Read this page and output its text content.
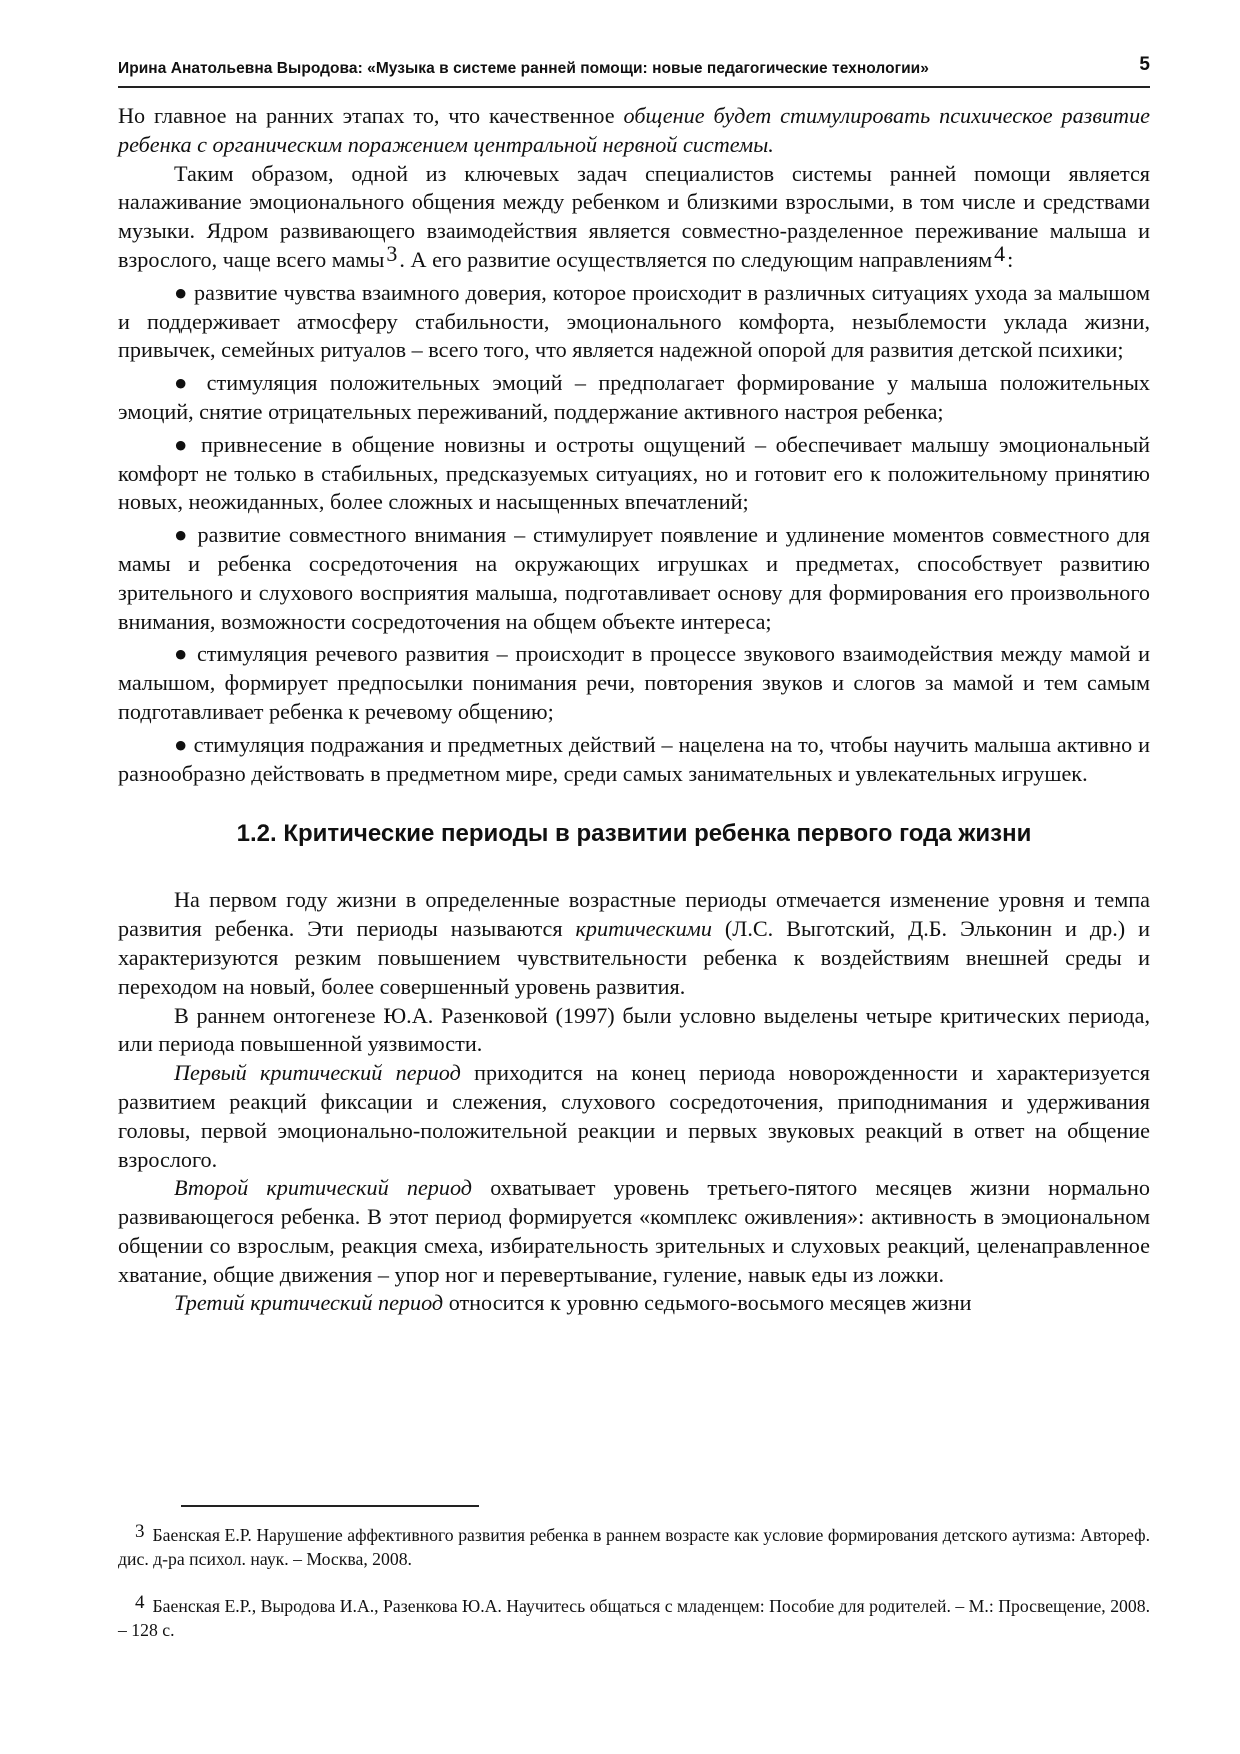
Ирина Анатольевна Выродова: «Музыка в системе ранней помощи: новые педагогические технологии»	5

Но главное на ранних этапах то, что качественное общение будет стимулировать психическое развитие ребенка с органическим поражением центральной нервной системы.

Таким образом, одной из ключевых задач специалистов системы ранней помощи является налаживание эмоционального общения между ребенком и близкими взрослыми, в том числе и средствами музыки. Ядром развивающего взаимодействия является совместно-разделенное переживание малыша и взрослого, чаще всего мамы3. А его развитие осуществляется по следующим направлениям4:

● развитие чувства взаимного доверия, которое происходит в различных ситуациях ухода за малышом и поддерживает атмосферу стабильности, эмоционального комфорта, незыблемости уклада жизни, привычек, семейных ритуалов – всего того, что является надежной опорой для развития детской психики;

● стимуляция положительных эмоций – предполагает формирование у малыша положительных эмоций, снятие отрицательных переживаний, поддержание активного настроя ребенка;

● привнесение в общение новизны и остроты ощущений – обеспечивает малышу эмоциональный комфорт не только в стабильных, предсказуемых ситуациях, но и готовит его к положительному принятию новых, неожиданных, более сложных и насыщенных впечатлений;

● развитие совместного внимания – стимулирует появление и удлинение моментов совместного для мамы и ребенка сосредоточения на окружающих игрушках и предметах, способствует развитию зрительного и слухового восприятия малыша, подготавливает основу для формирования его произвольного внимания, возможности сосредоточения на общем объекте интереса;

● стимуляция речевого развития – происходит в процессе звукового взаимодействия между мамой и малышом, формирует предпосылки понимания речи, повторения звуков и слогов за мамой и тем самым подготавливает ребенка к речевому общению;

● стимуляция подражания и предметных действий – нацелена на то, чтобы научить малыша активно и разнообразно действовать в предметном мире, среди самых занимательных и увлекательных игрушек.

1.2. Критические периоды в развитии ребенка первого года жизни

На первом году жизни в определенные возрастные периоды отмечается изменение уровня и темпа развития ребенка. Эти периоды называются критическими (Л.С. Выготский, Д.Б. Эльконин и др.) и характеризуются резким повышением чувствительности ребенка к воздействиям внешней среды и переходом на новый, более совершенный уровень развития.

В раннем онтогенезе Ю.А. Разенковой (1997) были условно выделены четыре критических периода, или периода повышенной уязвимости.

Первый критический период приходится на конец периода новорожденности и характеризуется развитием реакций фиксации и слежения, слухового сосредоточения, приподнимания и удерживания головы, первой эмоционально-положительной реакции и первых звуковых реакций в ответ на общение взрослого.

Второй критический период охватывает уровень третьего-пятого месяцев жизни нормально развивающегося ребенка. В этот период формируется «комплекс оживления»: активность в эмоциональном общении со взрослым, реакция смеха, избирательность зрительных и слуховых реакций, целенаправленное хватание, общие движения – упор ног и перевертывание, гуление, навык еды из ложки.

Третий критический период относится к уровню седьмого-восьмого месяцев жизни

3 Баенская Е.Р. Нарушение аффективного развития ребенка в раннем возрасте как условие формирования детского аутизма: Автореф. дис. д-ра психол. наук. – Москва, 2008.

4 Баенская Е.Р., Выродова И.А., Разенкова Ю.А. Научитесь общаться с младенцем: Пособие для родителей. – М.: Просвещение, 2008. – 128 с.
